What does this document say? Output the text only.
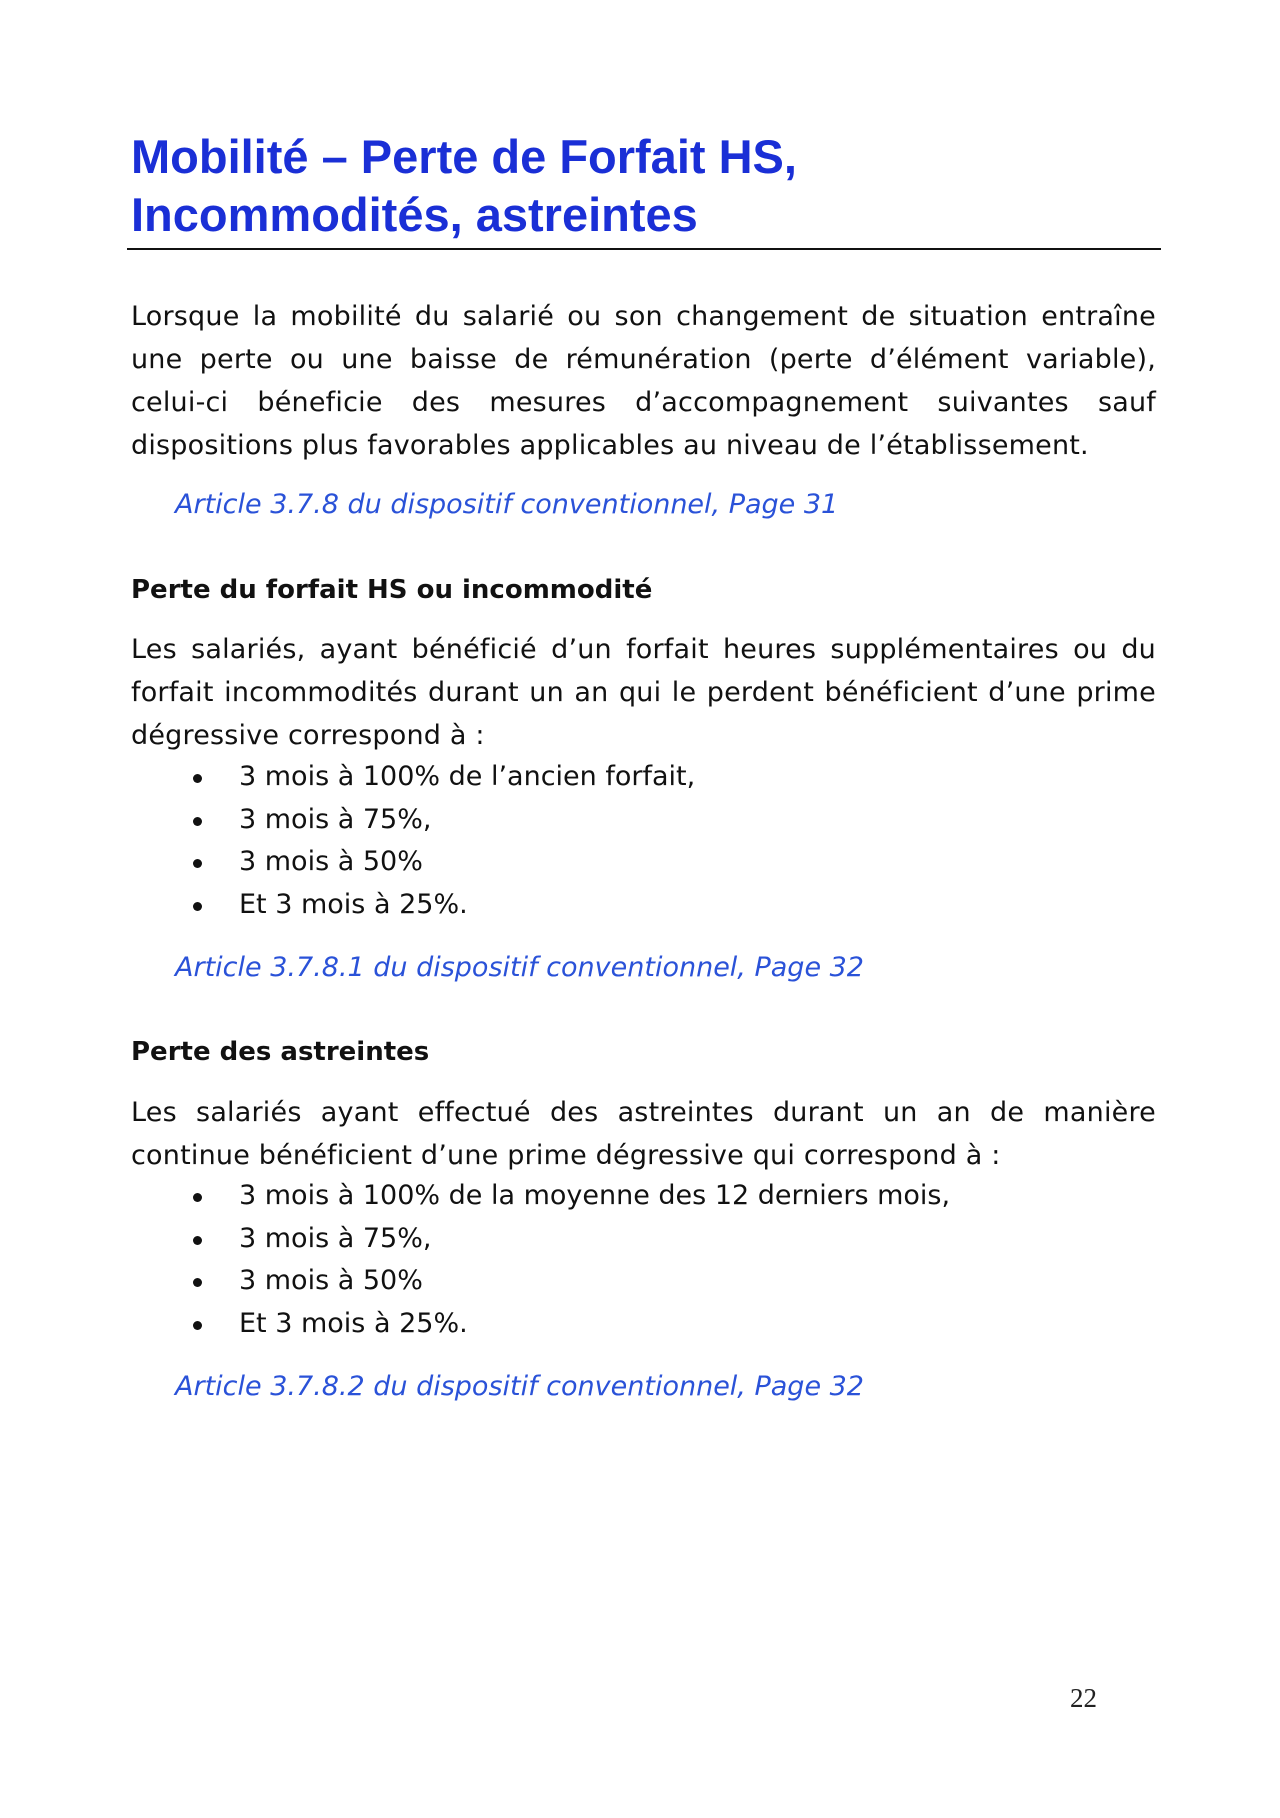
Mobilité – Perte de Forfait HS,
Incommodités, astreintes

Lorsque la mobilité du salarié ou son changement de situation entraîne une perte ou une baisse de rémunération (perte d’élément variable), celui-ci béneficie des mesures d’accompagnement suivantes sauf dispositions plus favorables applicables au niveau de l’établissement.

Article 3.7.8 du dispositif conventionnel, Page 31

Perte du forfait HS ou incommodité

Les salariés, ayant bénéficié d’un forfait heures supplémentaires ou du forfait incommodités durant un an qui le perdent bénéficient d’une prime dégressive correspond à :

3 mois à 100% de l’ancien forfait,
3 mois à 75%,
3 mois à 50%
Et 3 mois à 25%.

Article 3.7.8.1 du dispositif conventionnel, Page 32

Perte des astreintes

Les salariés ayant effectué des astreintes durant un an de manière continue bénéficient d’une prime dégressive qui correspond à :

3 mois à 100% de la moyenne des 12 derniers mois,
3 mois à 75%,
3 mois à 50%
Et 3 mois à 25%.

Article 3.7.8.2 du dispositif conventionnel, Page 32

22
